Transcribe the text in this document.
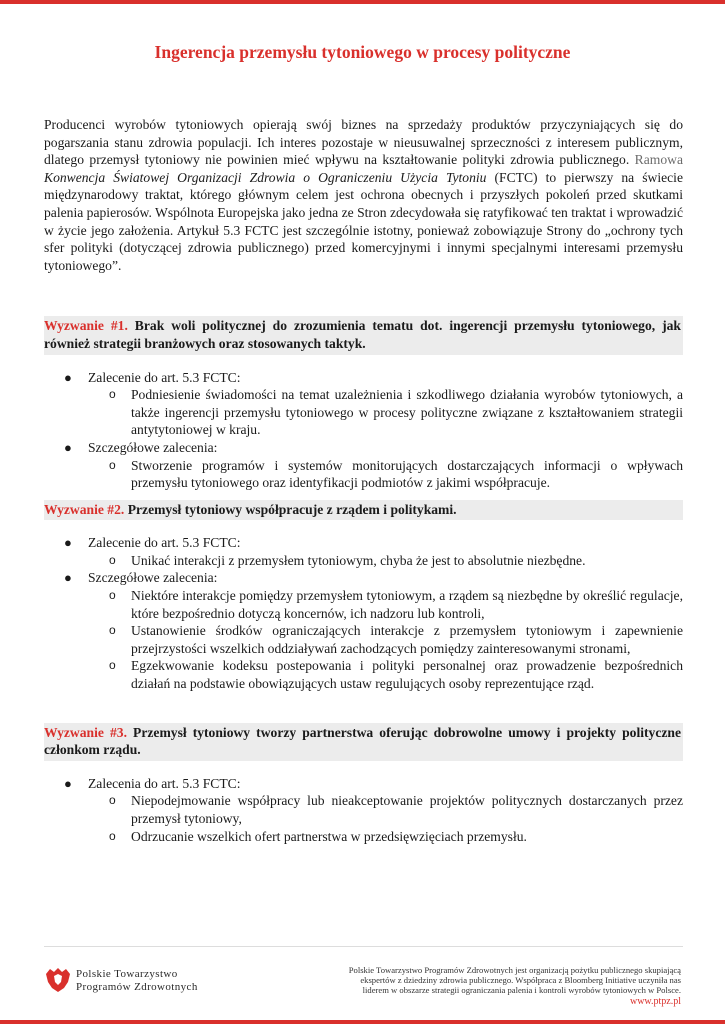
Ingerencja przemysłu tytoniowego w procesy polityczne

Producenci wyrobów tytoniowych opierają swój biznes na sprzedaży produktów przyczyniających się do pogarszania stanu zdrowia populacji. Ich interes pozostaje w nieusuwalnej sprzeczności z interesem publicznym, dlatego przemysł tytoniowy nie powinien mieć wpływu na kształtowanie polityki zdrowia publicznego. Ramowa Konwencja Światowej Organizacji Zdrowia o Ograniczeniu Użycia Tytoniu (FCTC) to pierwszy na świecie międzynarodowy traktat, którego głównym celem jest ochrona obecnych i przyszłych pokoleń przed skutkami palenia papierosów. Wspólnota Europejska jako jedna ze Stron zdecydowała się ratyfikować ten traktat i wprowadzić w życie jego założenia. Artykuł 5.3 FCTC jest szczególnie istotny, ponieważ zobowiązuje Strony do „ochrony tych sfer polityki (dotyczącej zdrowia publicznego) przed komercyjnymi i innymi specjalnymi interesami przemysłu tytoniowego”.

Wyzwanie #1. Brak woli politycznej do zrozumienia tematu dot. ingerencji przemysłu tytoniowego, jak również strategii branżowych oraz stosowanych taktyk.
● Zalecenie do art. 5.3 FCTC:
o Podniesienie świadomości na temat uzależnienia i szkodliwego działania wyrobów tytoniowych, a także ingerencji przemysłu tytoniowego w procesy polityczne związane z kształtowaniem strategii antytytoniowej w kraju.
● Szczegółowe zalecenia:
o Stworzenie programów i systemów monitorujących dostarczających informacji o wpływach przemysłu tytoniowego oraz identyfikacji podmiotów z jakimi współpracuje.
Wyzwanie #2. Przemysł tytoniowy współpracuje z rządem i politykami.
● Zalecenie do art. 5.3 FCTC:
o Unikać interakcji z przemysłem tytoniowym, chyba że jest to absolutnie niezbędne.
● Szczegółowe zalecenia:
o Niektóre interakcje pomiędzy przemysłem tytoniowym, a rządem są niezbędne by określić regulacje, które bezpośrednio dotyczą koncernów, ich nadzoru lub kontroli,
o Ustanowienie środków ograniczających interakcje z przemysłem tytoniowym i zapewnienie przejrzystości wszelkich oddziaływań zachodzących pomiędzy zainteresowanymi stronami,
o Egzekwowanie kodeksu postepowania i polityki personalnej oraz prowadzenie bezpośrednich działań na podstawie obowiązujących ustaw regulujących osoby reprezentujące rząd.
Wyzwanie #3. Przemysł tytoniowy tworzy partnerstwa oferując dobrowolne umowy i projekty polityczne członkom rządu.
● Zalecenia do art. 5.3 FCTC:
o Niepodejmowanie współpracy lub nieakceptowanie projektów politycznych dostarczanych przez przemysł tytoniowy,
o Odrzucanie wszelkich ofert partnerstwa w przedsięwzięciach przemysłu.
Polskie Towarzystwo
Programów Zdrowotnych
Polskie Towarzystwo Programów Zdrowotnych jest organizacją pożytku publicznego skupiającą
ekspertów z dziedziny zdrowia publicznego. Współpraca z Bloomberg Initiative uczyniła nas
liderem w obszarze strategii ograniczania palenia i kontroli wyrobów tytoniowych w Polsce.
www.ptpz.pl
